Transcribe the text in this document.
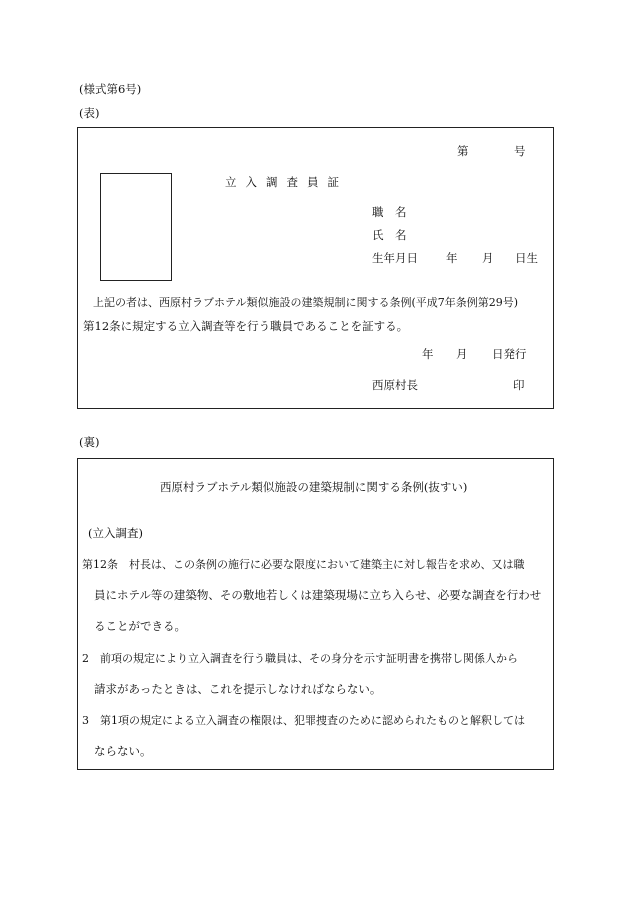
(様式第6号)
(表)
第	号
立入調査員証
職　名
氏　名
生年月日 年 月 日生
上記の者は、西原村ラブホテル類似施設の建築規制に関する条例(平成7年条例第29号)
第12条に規定する立入調査等を行う職員であることを証する。
年 月 日発行
西原村長	印
(裏)
西原村ラブホテル類似施設の建築規制に関する条例(抜すい)
(立入調査)
第12条　村長は、この条例の施行に必要な限度において建築主に対し報告を求め、又は職
員にホテル等の建築物、その敷地若しくは建築現場に立ち入らせ、必要な調査を行わせ
ることができる。
2　前項の規定により立入調査を行う職員は、その身分を示す証明書を携帯し関係人から
請求があったときは、これを提示しなければならない。
3　第1項の規定による立入調査の権限は、犯罪捜査のために認められたものと解釈しては
ならない。
